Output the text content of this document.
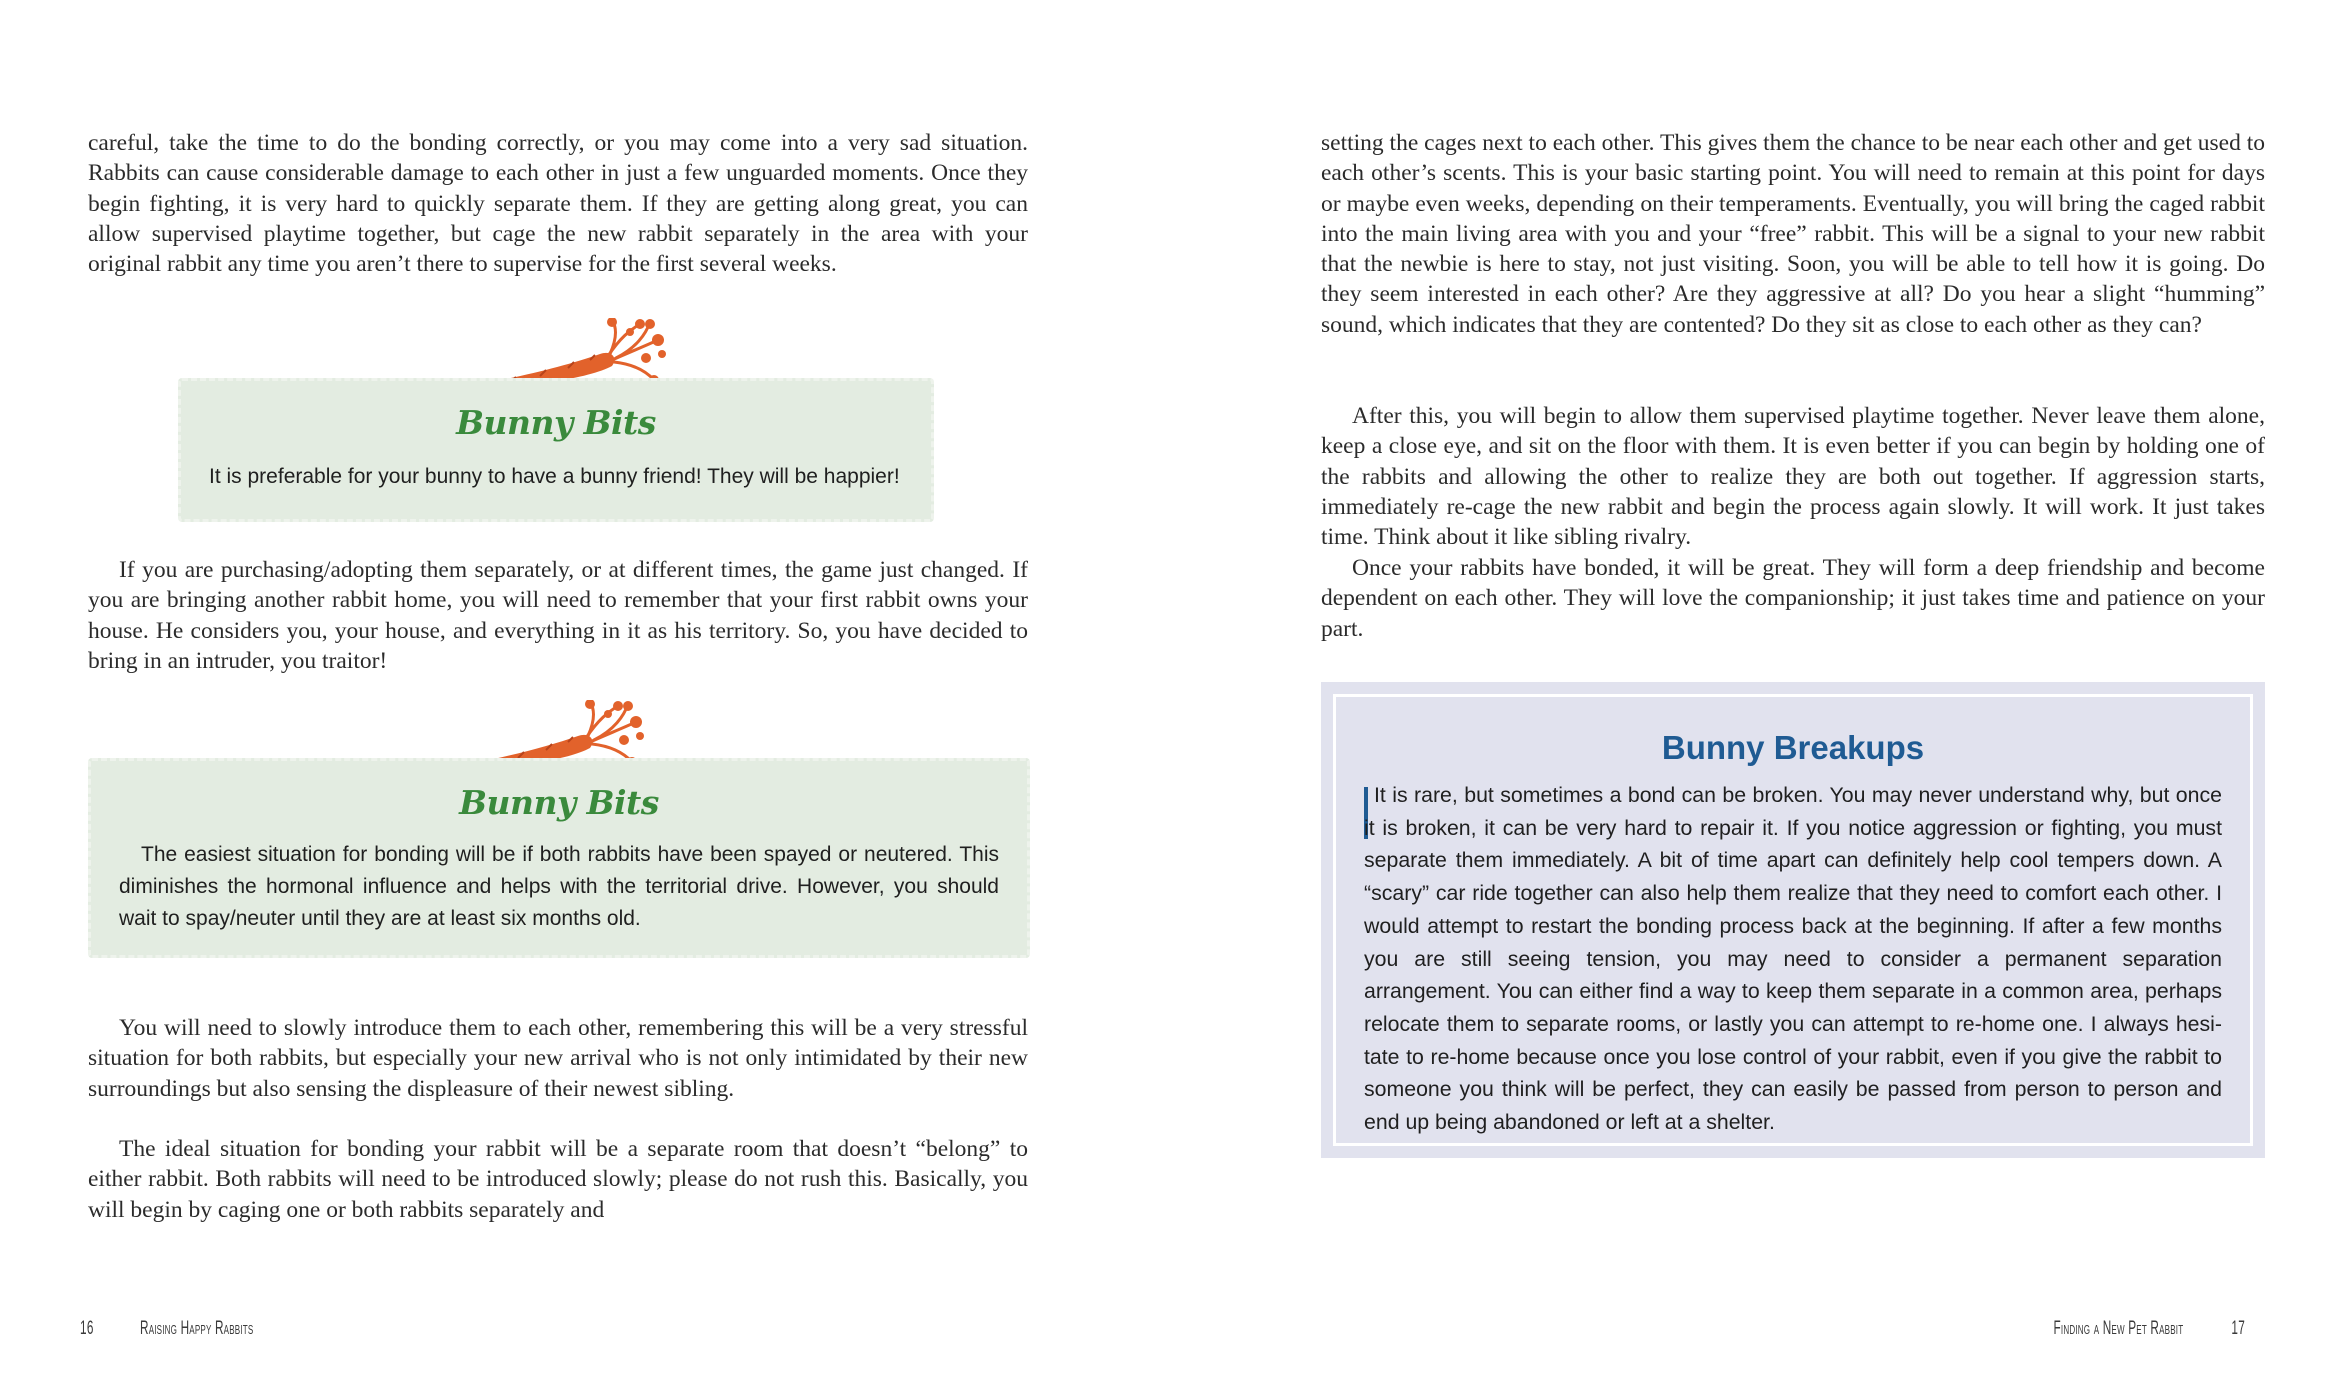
careful, take the time to do the bonding correctly, or you may come into a very sad situation. Rabbits can cause considerable damage to each other in just a few unguarded moments. Once they begin fighting, it is very hard to quickly separate them. If they are getting along great, you can allow supervised playtime together, but cage the new rabbit separately in the area with your original rabbit any time you aren’t there to supervise for the first several weeks.

Bunny Bits

It is preferable for your bunny to have a bunny friend! They will be happier!

If you are purchasing/adopting them separately, or at different times, the game just changed. If you are bringing another rabbit home, you will need to remember that your first rabbit owns your house. He considers you, your house, and everything in it as his territory. So, you have decided to bring in an intruder, you traitor!

Bunny Bits

The easiest situation for bonding will be if both rabbits have been spayed or neutered. This diminishes the hormonal influence and helps with the territorial drive. However, you should wait to spay/neuter until they are at least six months old.

You will need to slowly introduce them to each other, remembering this will be a very stressful situation for both rabbits, but especially your new arrival who is not only intimidated by their new surroundings but also sensing the displeasure of their newest sibling.

The ideal situation for bonding your rabbit will be a separate room that doesn’t “belong” to either rabbit. Both rabbits will need to be introduced slowly; please do not rush this. Basically, you will begin by caging one or both rabbits separately and

16 Raising Happy Rabbits

setting the cages next to each other. This gives them the chance to be near each other and get used to each other’s scents. This is your basic starting point. You will need to remain at this point for days or maybe even weeks, depending on their temperaments. Eventually, you will bring the caged rabbit into the main living area with you and your “free” rabbit. This will be a signal to your new rabbit that the newbie is here to stay, not just visiting. Soon, you will be able to tell how it is going. Do they seem interested in each other? Are they aggressive at all? Do you hear a slight “humming” sound, which indicates that they are contented? Do they sit as close to each other as they can?

After this, you will begin to allow them supervised playtime together. Never leave them alone, keep a close eye, and sit on the floor with them. It is even better if you can begin by holding one of the rabbits and allowing the other to realize they are both out together. If aggression starts, immediately re-cage the new rabbit and begin the process again slowly. It will work. It just takes time. Think about it like sibling rivalry.

Once your rabbits have bonded, it will be great. They will form a deep friendship and become dependent on each other. They will love the companionship; it just takes time and patience on your part.

Bunny Breakups

It is rare, but sometimes a bond can be broken. You may never understand why, but once it is broken, it can be very hard to repair it. If you notice aggression or fighting, you must separate them immediately. A bit of time apart can definitely help cool tempers down. A “scary” car ride together can also help them realize that they need to comfort each other. I would attempt to restart the bonding process back at the beginning. If after a few months you are still seeing tension, you may need to consider a permanent separation arrangement. You can either find a way to keep them separate in a common area, perhaps relocate them to separate rooms, or lastly you can attempt to re-home one. I always hesitate to re-home because once you lose control of your rabbit, even if you give the rabbit to someone you think will be perfect, they can easily be passed from person to person and end up being abandoned or left at a shelter.

Finding a New Pet Rabbit	17
